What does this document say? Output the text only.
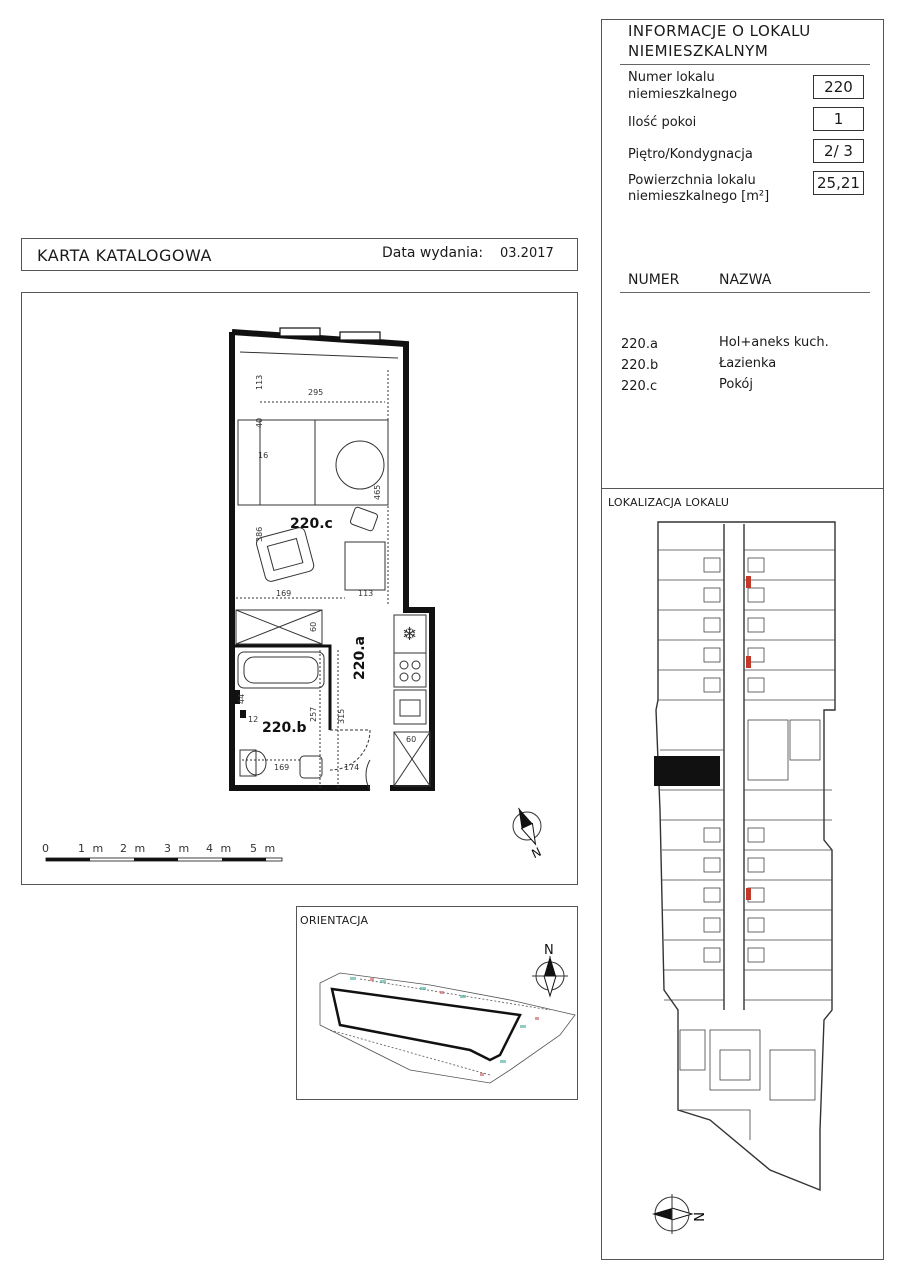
INFORMACJE O LOKALU
NIEMIESZKALNYM
Numer lokalu
niemieszkalnego	220
Ilość pokoi	1
Piętro/Kondygnacja	2/ 3
Powierzchnia lokalu
niemieszkalnego [m²]
25,21
NUMER	NAZWA
220.a	Hol+aneks kuch.
220.b	Łazienka
220.c	Pokój
LOKALIZACJA LOKALU
N
KARTA KATALOGOWA	Data wydania: 03.2017
❄
220.c
220.a
220.b
113
295
40
16
465
386
169	113
60
44
12	257 315
169	174
60
0 1 m 2 m 3 m 4 m 5 m	N
ORIENTACJA
N
